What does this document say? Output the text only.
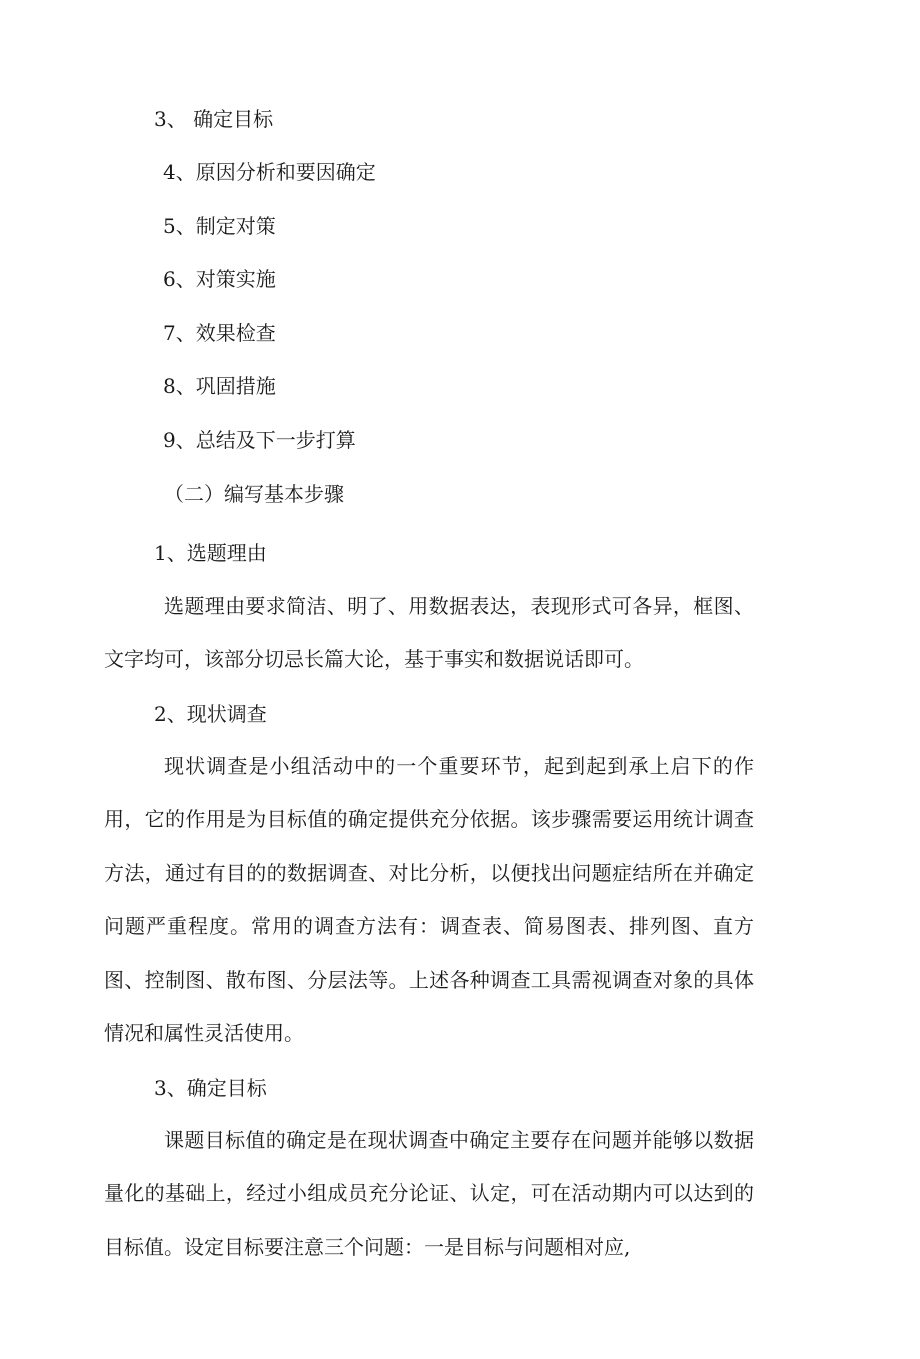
3、 确定目标
4、原因分析和要因确定
5、制定对策
6、对策实施
7、效果检查
8、巩固措施
9、总结及下一步打算
（二）编写基本步骤
1、选题理由

选题理由要求简洁、明了、用数据表达，表现形式可各异，框图、文字均可，该部分切忌长篇大论，基于事实和数据说话即可。

2、现状调查

现状调查是小组活动中的一个重要环节，起到起到承上启下的作用，它的作用是为目标值的确定提供充分依据。该步骤需要运用统计调查方法，通过有目的的数据调查、对比分析，以便找出问题症结所在并确定问题严重程度。常用的调查方法有：调查表、简易图表、排列图、直方图、控制图、散布图、分层法等。上述各种调查工具需视调查对象的具体情况和属性灵活使用。

3、确定目标

课题目标值的确定是在现状调查中确定主要存在问题并能够以数据量化的基础上，经过小组成员充分论证、认定，可在活动期内可以达到的目标值。设定目标要注意三个问题：一是目标与问题相对应,
